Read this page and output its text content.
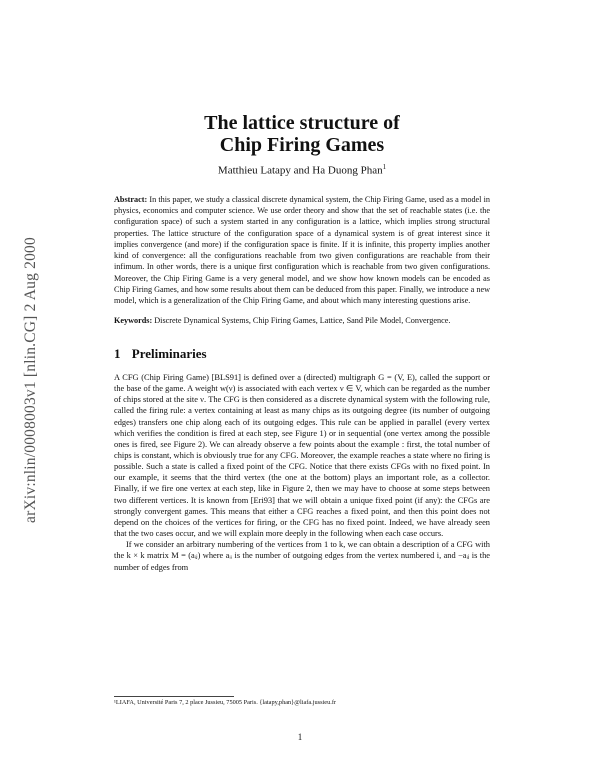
arXiv:nlin/0008003v1 [nlin.CG] 2 Aug 2000
The lattice structure of
Chip Firing Games
Matthieu Latapy and Ha Duong Phan$^1$
Abstract: In this paper, we study a classical discrete dynamical system, the Chip Firing Game, used as a model in physics, economics and computer science. We use order theory and show that the set of reachable states (i.e. the configuration space) of such a system started in any configuration is a lattice, which implies strong structural properties. The lattice structure of the configuration space of a dynamical system is of great interest since it implies convergence (and more) if the configuration space is finite. If it is infinite, this property implies another kind of convergence: all the configurations reachable from two given configurations are reachable from their infimum. In other words, there is a unique first configuration which is reachable from two given configurations. Moreover, the Chip Firing Game is a very general model, and we show how known models can be encoded as Chip Firing Games, and how some results about them can be deduced from this paper. Finally, we introduce a new model, which is a generalization of the Chip Firing Game, and about which many interesting questions arise.
Keywords: Discrete Dynamical Systems, Chip Firing Games, Lattice, Sand Pile Model, Convergence.
1 Preliminaries

A CFG (Chip Firing Game) [BLS91] is defined over a (directed) multigraph G = (V, E), called the support or the base of the game. A weight w(ν) is associated with each vertex ν ∈ V, which can be regarded as the number of chips stored at the site ν. The CFG is then considered as a discrete dynamical system with the following rule, called the firing rule: a vertex containing at least as many chips as its outgoing degree (its number of outgoing edges) transfers one chip along each of its outgoing edges. This rule can be applied in parallel (every vertex which verifies the condition is fired at each step, see Figure 1) or in sequential (one vertex among the possible ones is fired, see Figure 2). We can already observe a few points about the example : first, the total number of chips is constant, which is obviously true for any CFG. Moreover, the example reaches a state where no firing is possible. Such a state is called a fixed point of the CFG. Notice that there exists CFGs with no fixed point. In our example, it seems that the third vertex (the one at the bottom) plays an important role, as a collector. Finally, if we fire one vertex at each step, like in Figure 2, then we may have to choose at some steps between two different vertices. It is known from [Eri93] that we will obtain a unique fixed point (if any): the CFGs are strongly convergent games. This means that either a CFG reaches a fixed point, and then this point does not depend on the choices of the vertices for firing, or the CFG has no fixed point. Indeed, we have already seen that the two cases occur, and we will explain more deeply in the following when each case occurs.

If we consider an arbitrary numbering of the vertices from 1 to k, we can obtain a description of a CFG with the k × k matrix M = (aᵢⱼ) where aᵢᵢ is the number of outgoing edges from the vertex numbered i, and −aᵢⱼ is the number of edges from

¹LIAFA, Université Paris 7, 2 place Jussieu, 75005 Paris. {latapy,phan}@liafa.jussieu.fr
1
